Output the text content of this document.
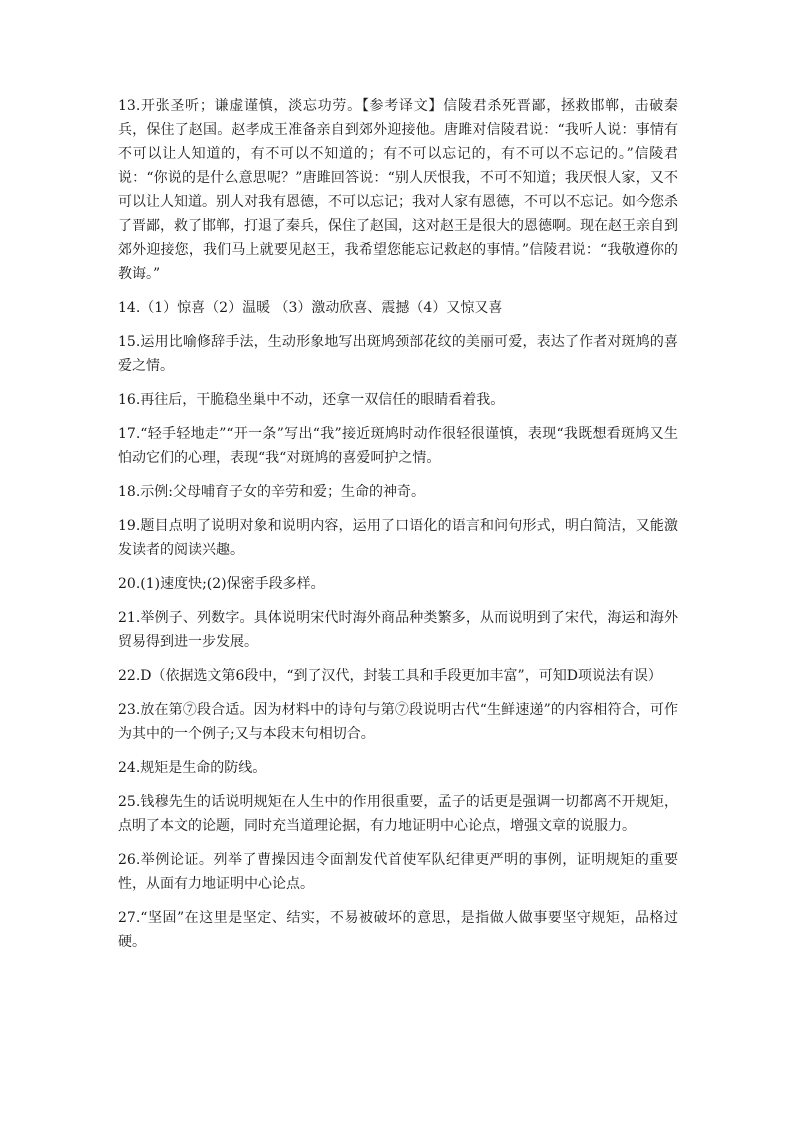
13.开张圣听；谦虚谨慎，淡忘功劳。【参考译文】信陵君杀死晋鄙，拯救邯郸，击破秦兵，保住了赵国。赵孝成王准备亲自到郊外迎接他。唐雎对信陵君说：“我听人说：事情有不可以让人知道的，有不可以不知道的；有不可以忘记的，有不可以不忘记的。”信陵君说：“你说的是什么意思呢？”唐雎回答说：“别人厌恨我，不可不知道；我厌恨人家，又不可以让人知道。别人对我有恩德，不可以忘记；我对人家有恩德，不可以不忘记。如今您杀了晋鄙，救了邯郸，打退了秦兵，保住了赵国，这对赵王是很大的恩德啊。现在赵王亲自到郊外迎接您，我们马上就要见赵王，我希望您能忘记救赵的事情。”信陵君说：“我敬遵你的教诲。”

14.（1）惊喜（2）温暖 （3）激动欣喜、震撼（4）又惊又喜

15.运用比喻修辞手法，生动形象地写出斑鸠颈部花纹的美丽可爱，表达了作者对斑鸠的喜爱之情。

16.再往后，干脆稳坐巢中不动，还拿一双信任的眼睛看着我。

17.“轻手轻地走”“开一条”写出“我”接近斑鸠时动作很轻很谨慎，表现“我既想看斑鸠又生怕动它们的心理，表现“我“对斑鸠的喜爱呵护之情。

18.示例:父母哺育子女的辛劳和爱；生命的神奇。

19.题目点明了说明对象和说明内容，运用了口语化的语言和问句形式，明白简洁，又能激发读者的阅读兴趣。

20.(1)速度快;(2)保密手段多样。

21.举例子、列数字。具体说明宋代时海外商品种类繁多，从而说明到了宋代，海运和海外贸易得到进一步发展。

22.D（依据选文第6段中，“到了汉代，封装工具和手段更加丰富”，可知D项说法有误）

23.放在第⑦段合适。因为材料中的诗句与第⑦段说明古代“生鲜速递”的内容相符合，可作为其中的一个例子;又与本段末句相切合。

24.规矩是生命的防线。

25.钱穆先生的话说明规矩在人生中的作用很重要，孟子的话更是强调一切都离不开规矩，点明了本文的论题，同时充当道理论据，有力地证明中心论点，增强文章的说服力。

26.举例论证。列举了曹操因违令面割发代首使军队纪律更严明的事例，证明规矩的重要性，从面有力地证明中心论点。

27.“坚固”在这里是坚定、结实，不易被破坏的意思，是指做人做事要坚守规矩，品格过硬。
